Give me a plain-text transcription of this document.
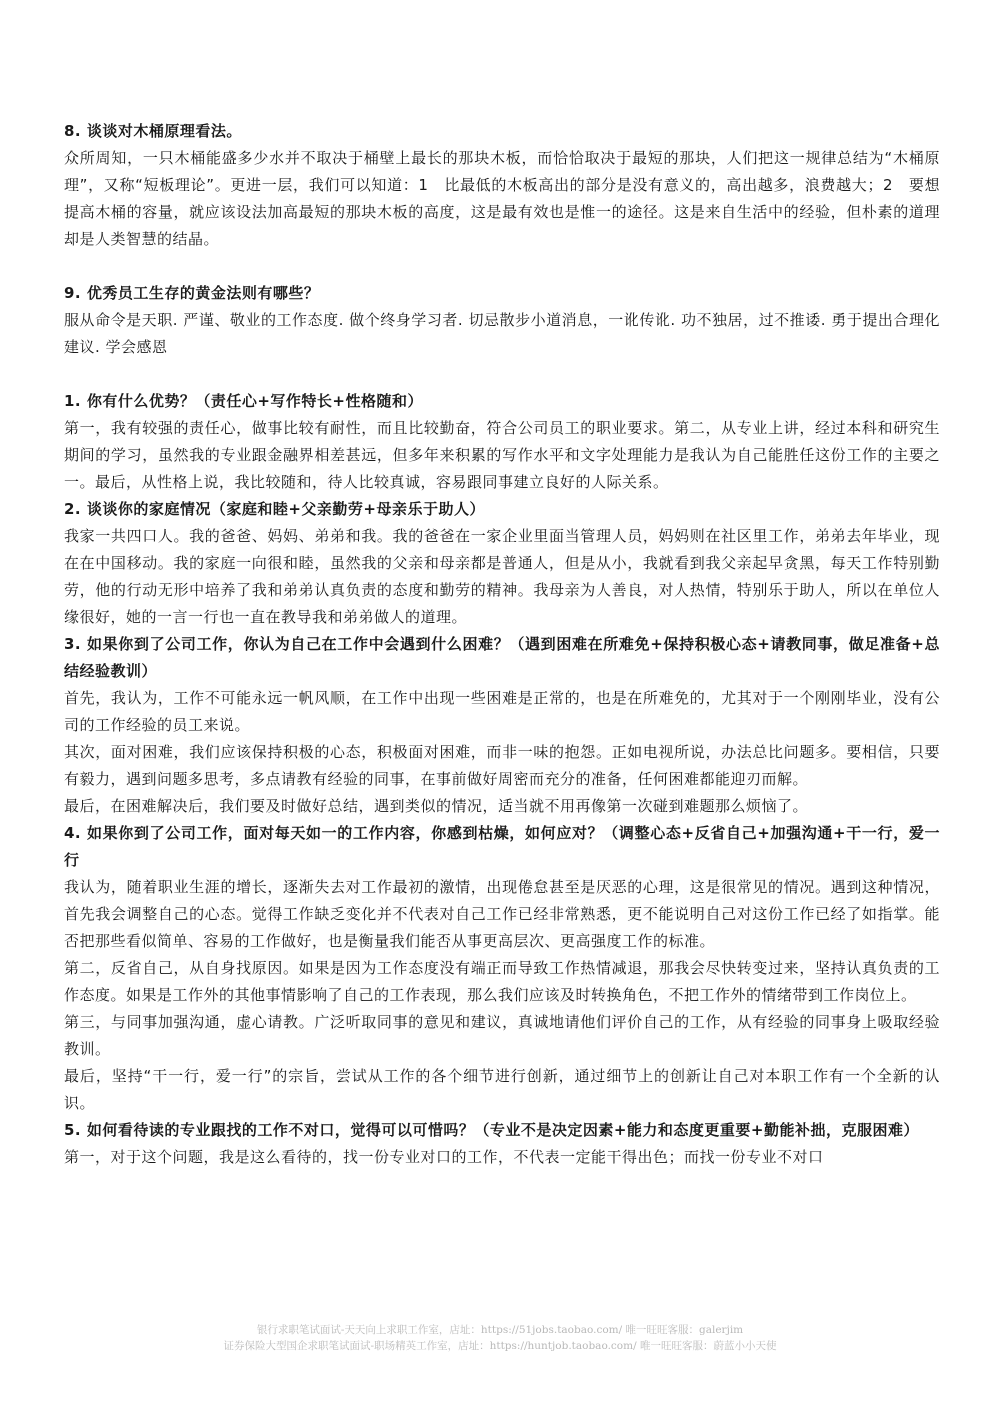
8. 谈谈对木桶原理看法。

众所周知，一只木桶能盛多少水并不取决于桶壁上最长的那块木板，而恰恰取决于最短的那块，人们把这一规律总结为“木桶原理”，又称“短板理论”。更进一层，我们可以知道：1　比最低的木板高出的部分是没有意义的，高出越多，浪费越大；2　要想提高木桶的容量，就应该设法加高最短的那块木板的高度，这是最有效也是惟一的途径。这是来自生活中的经验，但朴素的道理却是人类智慧的结晶。

9. 优秀员工生存的黄金法则有哪些？

服从命令是天职. 严谨、敬业的工作态度. 做个终身学习者. 切忌散步小道消息，一讹传讹. 功不独居，过不推诿. 勇于提出合理化建议. 学会感恩

1. 你有什么优势？（责任心+写作特长+性格随和）

第一，我有较强的责任心，做事比较有耐性，而且比较勤奋，符合公司员工的职业要求。第二，从专业上讲，经过本科和研究生期间的学习，虽然我的专业跟金融界相差甚远，但多年来积累的写作水平和文字处理能力是我认为自己能胜任这份工作的主要之一。最后，从性格上说，我比较随和，待人比较真诚，容易跟同事建立良好的人际关系。

2. 谈谈你的家庭情况（家庭和睦+父亲勤劳+母亲乐于助人）

我家一共四口人。我的爸爸、妈妈、弟弟和我。我的爸爸在一家企业里面当管理人员，妈妈则在社区里工作，弟弟去年毕业，现在在中国移动。我的家庭一向很和睦，虽然我的父亲和母亲都是普通人，但是从小，我就看到我父亲起早贪黑，每天工作特别勤劳，他的行动无形中培养了我和弟弟认真负责的态度和勤劳的精神。我母亲为人善良，对人热情，特别乐于助人，所以在单位人缘很好，她的一言一行也一直在教导我和弟弟做人的道理。

3. 如果你到了公司工作，你认为自己在工作中会遇到什么困难？（遇到困难在所难免+保持积极心态+请教同事，做足准备+总结经验教训）

首先，我认为，工作不可能永远一帆风顺，在工作中出现一些困难是正常的，也是在所难免的，尤其对于一个刚刚毕业，没有公司的工作经验的员工来说。

其次，面对困难，我们应该保持积极的心态，积极面对困难，而非一味的抱怨。正如电视所说，办法总比问题多。要相信，只要有毅力，遇到问题多思考，多点请教有经验的同事，在事前做好周密而充分的准备，任何困难都能迎刃而解。

最后，在困难解决后，我们要及时做好总结，遇到类似的情况，适当就不用再像第一次碰到难题那么烦恼了。

4. 如果你到了公司工作，面对每天如一的工作内容，你感到枯燥，如何应对？（调整心态+反省自己+加强沟通+干一行，爱一行

我认为，随着职业生涯的增长，逐渐失去对工作最初的激情，出现倦怠甚至是厌恶的心理，这是很常见的情况。遇到这种情况，首先我会调整自己的心态。觉得工作缺乏变化并不代表对自己工作已经非常熟悉，更不能说明自己对这份工作已经了如指掌。能否把那些看似简单、容易的工作做好，也是衡量我们能否从事更高层次、更高强度工作的标准。

第二，反省自己，从自身找原因。如果是因为工作态度没有端正而导致工作热情减退，那我会尽快转变过来，坚持认真负责的工作态度。如果是工作外的其他事情影响了自己的工作表现，那么我们应该及时转换角色，不把工作外的情绪带到工作岗位上。

第三，与同事加强沟通，虚心请教。广泛听取同事的意见和建议，真诚地请他们评价自己的工作，从有经验的同事身上吸取经验教训。

最后，坚持“干一行，爱一行”的宗旨，尝试从工作的各个细节进行创新，通过细节上的创新让自己对本职工作有一个全新的认识。

5. 如何看待读的专业跟找的工作不对口，觉得可以可惜吗？（专业不是决定因素+能力和态度更重要+勤能补拙，克服困难）

第一，对于这个问题，我是这么看待的，找一份专业对口的工作，不代表一定能干得出色；而找一份专业不对口

银行求职笔试面试-天天向上求职工作室，店址：https://51jobs.taobao.com/ 唯一旺旺客服：galerjim
证券保险大型国企求职笔试面试-职场精英工作室，店址：https://huntjob.taobao.com/ 唯一旺旺客服：蔚蓝小小天使
